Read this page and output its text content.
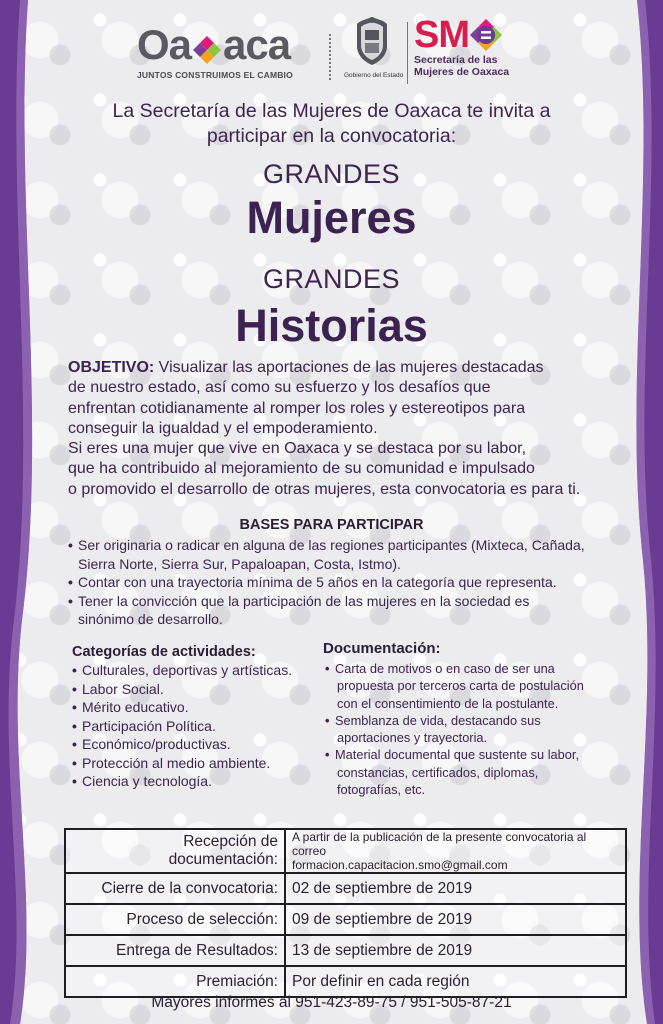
Oa aca
JUNTOS CONSTRUIMOS EL CAMBIO	Gobierno del Estado
SM
Secretaría de las
Mujeres de Oaxaca
La Secretaría de las Mujeres de Oaxaca te invita a
participar en la convocatoria:
GRANDES
Mujeres
GRANDES
Historias
OBJETIVO: Visualizar las aportaciones de las mujeres destacadas
de nuestro estado, así como su esfuerzo y los desafíos que
enfrentan cotidianamente al romper los roles y estereotipos para
conseguir la igualdad y el empoderamiento.
Si eres una mujer que vive en Oaxaca y se destaca por su labor,
que ha contribuido al mejoramiento de su comunidad e impulsado
o promovido el desarrollo de otras mujeres, esta convocatoria es para ti.
BASES PARA PARTICIPAR
• Ser originaria o radicar en alguna de las regiones participantes (Mixteca, Cañada, Sierra Norte, Sierra Sur, Papaloapan, Costa, Istmo).
• Contar con una trayectoria mínima de 5 años en la categoría que representa.
• Tener la convicción que la participación de las mujeres en la sociedad es sinónimo de desarrollo.
Categorías de actividades:
• Culturales, deportivas y artísticas.
• Labor Social.
• Mérito educativo.
• Participación Política.
• Económico/productivas.
• Protección al medio ambiente.
• Ciencia y tecnología.
Documentación:
• Carta de motivos o en caso de ser una propuesta por terceros carta de postulación con el consentimiento de la postulante.
• Semblanza de vida, destacando sus aportaciones y trayectoria.
• Material documental que sustente su labor, constancias, certificados, diplomas, fotografías, etc.
Recepción de documentación:	A partir de la publicación de la presente convocatoria al correo
formacion.capacitacion.smo@gmail.com

Cierre de la convocatoria:	02 de septiembre de 2019
Proceso de selección:	09 de septiembre de 2019
Entrega de Resultados:	13 de septiembre de 2019
Premiación:	Por definir en cada región
Mayores informes al 951-423-89-75 / 951-505-87-21
